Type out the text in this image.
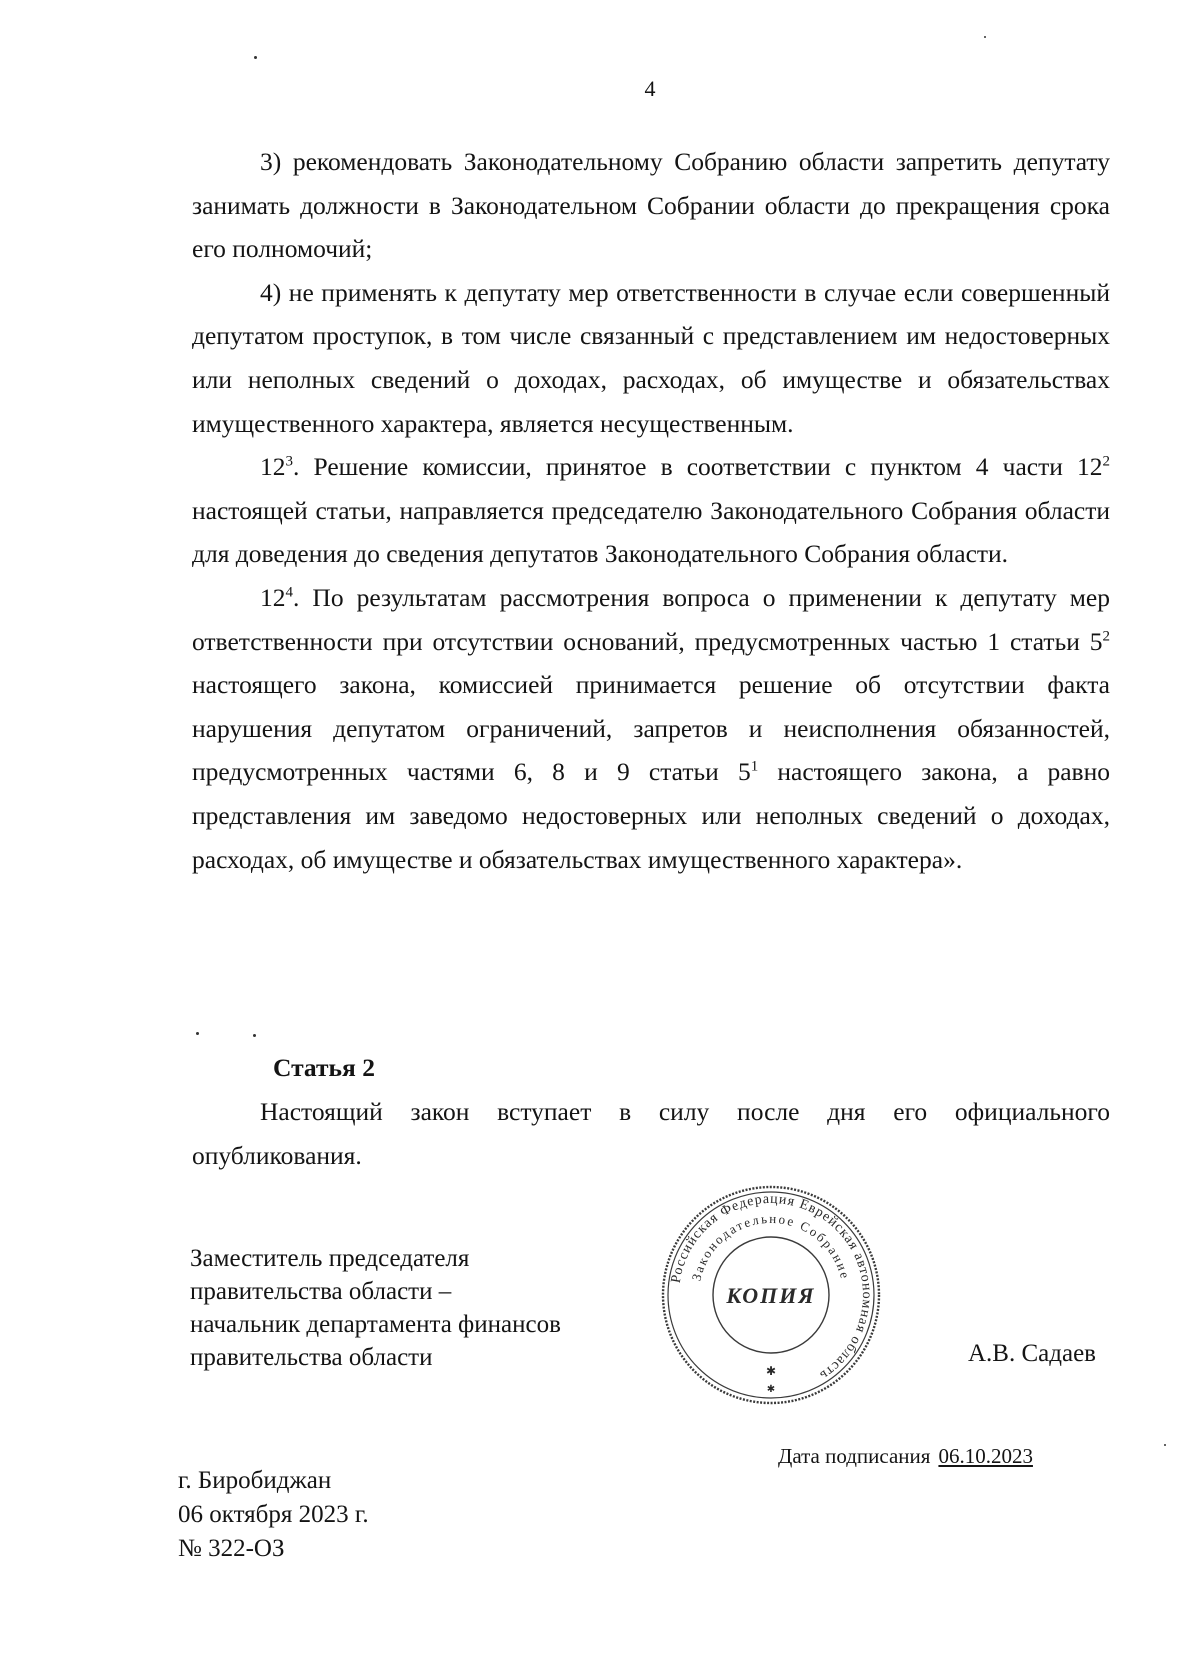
4

3) рекомендовать Законодательному Собранию области запретить депутату занимать должности в Законодательном Собрании области до прекращения срока его полномочий;

4) не применять к депутату мер ответственности в случае если совершенный депутатом проступок, в том числе связанный с представлением им недостоверных или неполных сведений о доходах, расходах, об имуществе и обязательствах имущественного характера, является несущественным.

$12^3$. Решение комиссии, принятое в соответствии с пунктом 4 части $12^2$ настоящей статьи, направляется председателю Законодательного Собрания области для доведения до сведения депутатов Законодательного Собрания области.

$12^4$. По результатам рассмотрения вопроса о применении к депутату мер ответственности при отсутствии оснований, предусмотренных частью 1 статьи $5^2$ настоящего закона, комиссией принимается решение об отсутствии факта нарушения депутатом ограничений, запретов и неисполнения обязанностей, предусмотренных частями 6, 8 и 9 статьи $5^1$ настоящего закона, а равно представления им заведомо недостоверных или неполных сведений о доходах, расходах, об имуществе и обязательствах имущественного характера».

Статья 2

Настоящий закон вступает в силу после дня его официального опубликования.

Заместитель председателя
правительства области –
начальник департамента финансов
правительства области
Российская Федерация Еврейская автономная область
Законодательное Собрание
КОПИЯ
✱
✱
А.В. Садаев
г. Биробиджан
06 октября 2023 г.
№ 322-ОЗ
Дата подписания 06.10.2023
